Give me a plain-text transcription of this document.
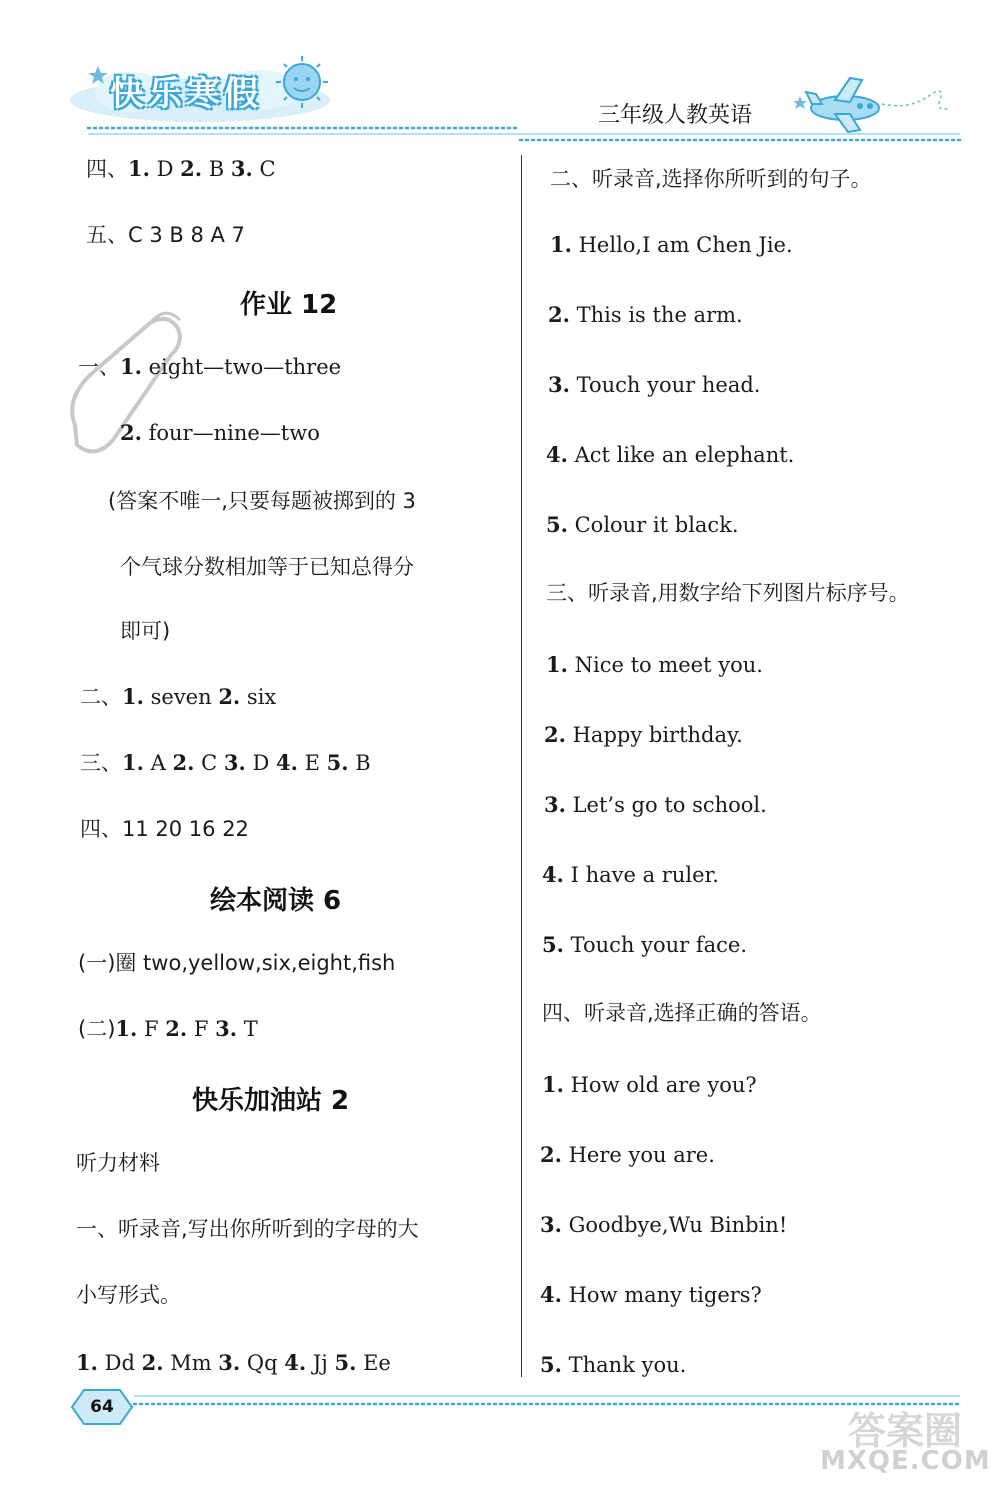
快乐寒假
三年级人教英语
四、1. D 2. B 3. C
五、C 3 B 8 A 7
作业 12
一、1. eight—two—three
2. four—nine—two
(答案不唯一,只要每题被掷到的 3
个气球分数相加等于已知总得分
即可)
二、1. seven 2. six
三、1. A 2. C 3. D 4. E 5. B
四、11 20 16 22
绘本阅读 6
(一)圈 two,yellow,six,eight,fish
(二)1. F 2. F 3. T
快乐加油站 2
听力材料
一、听录音,写出你所听到的字母的大
小写形式。
1. Dd 2. Mm 3. Qq 4. Jj 5. Ee
二、听录音,选择你所听到的句子。
1. Hello,I am Chen Jie.
2. This is the arm.
3. Touch your head.
4. Act like an elephant.
5. Colour it black.
三、听录音,用数字给下列图片标序号。
1. Nice to meet you.
2. Happy birthday.
3. Let’s go to school.
4. I have a ruler.
5. Touch your face.
四、听录音,选择正确的答语。
1. How old are you?
2. Here you are.
3. Goodbye,Wu Binbin!
4. How many tigers?
5. Thank you.
64
答案圈
MXQE.COM
